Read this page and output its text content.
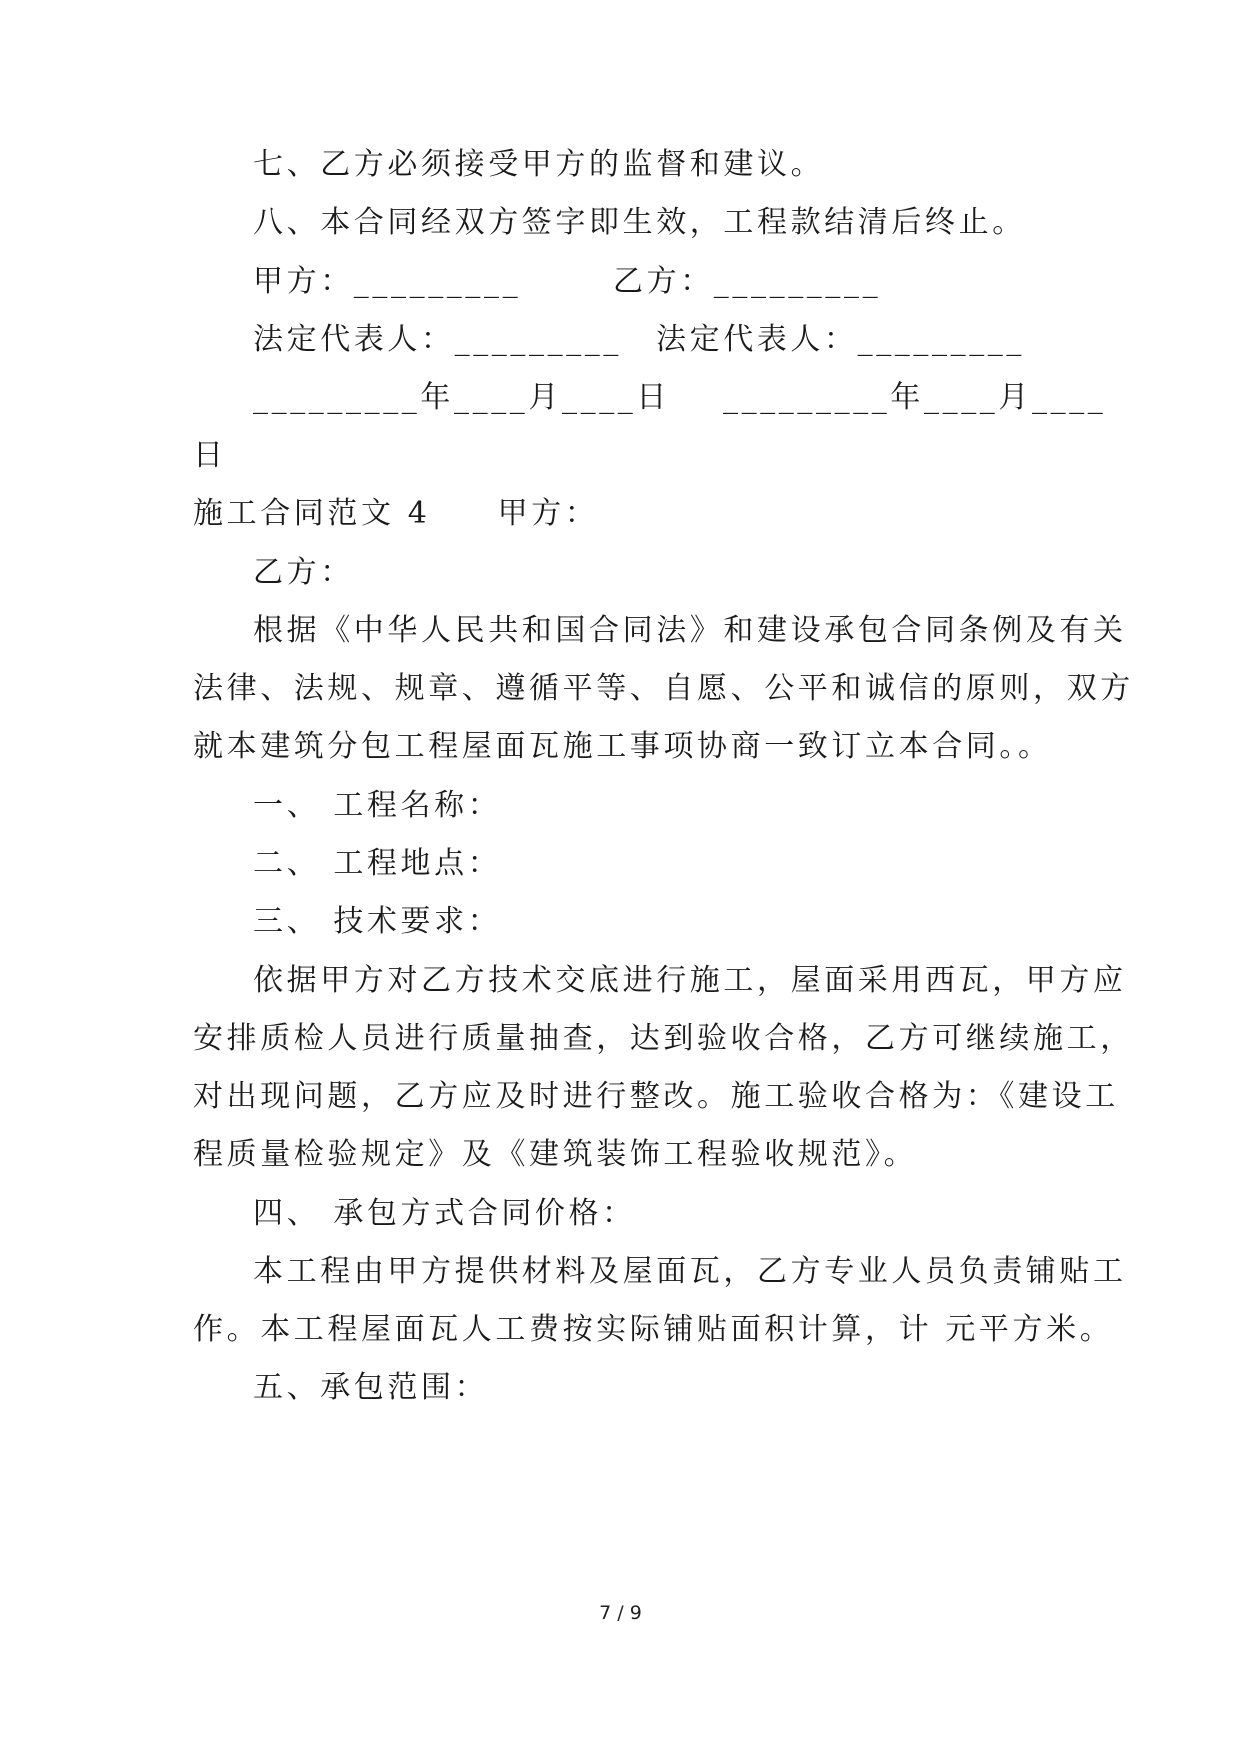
七、乙方必须接受甲方的监督和建议。
八、本合同经双方签字即生效，工程款结清后终止。
甲方：_________	乙方：_________
法定代表人：_________ 法定代表人：_________
_________年____月____日 _________年____月____
日
施工合同范文 4　　甲方：
乙方：
根据《中华人民共和国合同法》和建设承包合同条例及有关
法律、法规、规章、遵循平等、自愿、公平和诚信的原则，双方
就本建筑分包工程屋面瓦施工事项协商一致订立本合同。。
一、 工程名称：
二、 工程地点：
三、 技术要求：
依据甲方对乙方技术交底进行施工，屋面采用西瓦，甲方应
安排质检人员进行质量抽查，达到验收合格，乙方可继续施工，
对出现问题，乙方应及时进行整改。施工验收合格为：《建设工
程质量检验规定》及《建筑装饰工程验收规范》。
四、 承包方式合同价格：
本工程由甲方提供材料及屋面瓦，乙方专业人员负责铺贴工
作。本工程屋面瓦人工费按实际铺贴面积计算，计 元平方米。
五、承包范围：
7 / 9
